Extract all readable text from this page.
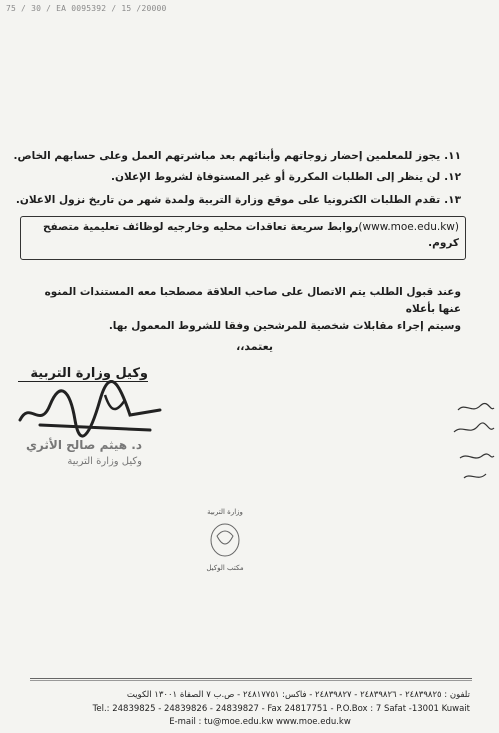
75 / 30 / EA 0095392 / 15 /20000
١١.يجوز للمعلمين إحضار زوجاتهم وأبنائهم بعد مباشرتهم العمل وعلى حسابهم الخاص.
١٢.لن ينظر إلى الطلبات المكررة أو غير المستوفاة لشروط الإعلان.
١٣.تقدم الطلبات الكترونيا على موقع وزارة التربية ولمدة شهر من تاريخ نزول الاعلان.
(www.moe.edu.kw)روابط سريعة تعاقدات محليه وخارجيه لوظائف تعليمية متصفح
كروم.
وعند قبول الطلب يتم الاتصال على صاحب العلاقة مصطحبا معه المستندات المنوه عنها بأعلاه
وسيتم إجراء مقابلات شخصية للمرشحين وفقا للشروط المعمول بها.
يعتمد،،
وكيل وزارة التربية
د. هيثم صالح الأثري
وكيل وزارة التربية
وزارة التربية
مكتب الوكيل
تلفون : ٢٤٨٣٩٨٢٥ - ٢٤٨٣٩٨٢٦ - ٢٤٨٣٩٨٢٧ - فاكس: ٢٤٨١٧٧٥١ - ص.ب ٧ الصفاة ١٣٠٠١ الكويت
Tel.: 24839825 - 24839826 - 24839827 - Fax 24817751 - P.O.Box : 7 Safat -13001 Kuwait
E-mail : tu@moe.edu.kw www.moe.edu.kw
